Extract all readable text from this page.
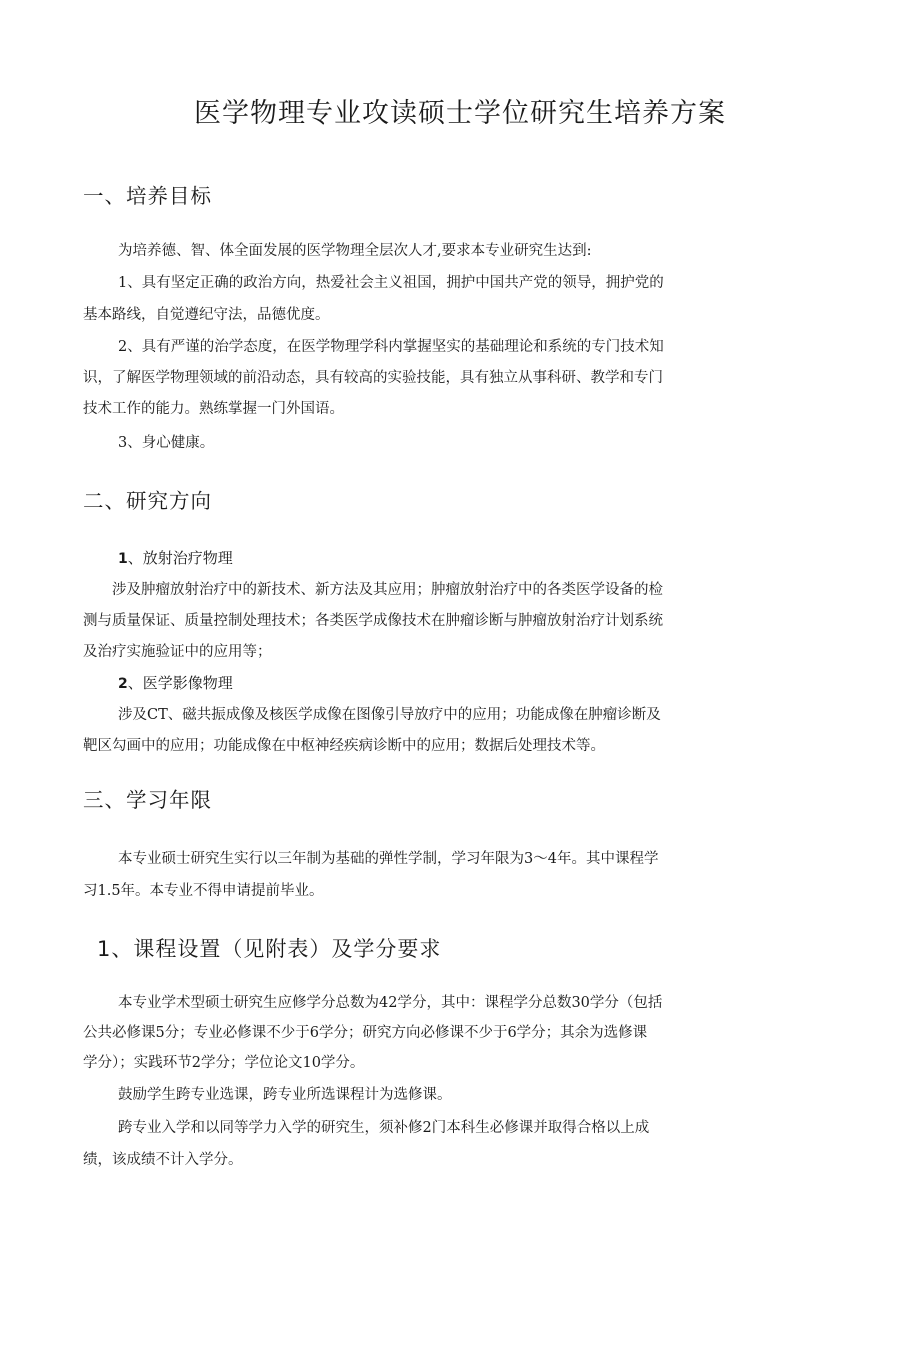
医学物理专业攻读硕士学位研究生培养方案
一、培养目标
为培养德、智、体全面发展的医学物理全层次人才,要求本专业研究生达到:
1、具有坚定正确的政治方向，热爱社会主义祖国，拥护中国共产党的领导，拥护党的
基本路线，自觉遵纪守法，品德优度。
2、具有严谨的治学态度，在医学物理学科内掌握坚实的基础理论和系统的专门技术知
识，了解医学物理领域的前沿动态，具有较高的实验技能，具有独立从事科研、教学和专门
技术工作的能力。熟练掌握一门外国语。
3、身心健康。
二、研究方向
1、放射治疗物理
涉及肿瘤放射治疗中的新技术、新方法及其应用；肿瘤放射治疗中的各类医学设备的检
测与质量保证、质量控制处理技术；各类医学成像技术在肿瘤诊断与肿瘤放射治疗计划系统
及治疗实施验证中的应用等；
2、医学影像物理
涉及CT、磁共振成像及核医学成像在图像引导放疗中的应用；功能成像在肿瘤诊断及
靶区勾画中的应用；功能成像在中枢神经疾病诊断中的应用；数据后处理技术等。
三、学习年限
本专业硕士研究生实行以三年制为基础的弹性学制，学习年限为3～4年。其中课程学
习1.5年。本专业不得申请提前毕业。
1、课程设置（见附表）及学分要求
本专业学术型硕士研究生应修学分总数为42学分，其中：课程学分总数30学分（包括
公共必修课5分；专业必修课不少于6学分；研究方向必修课不少于6学分；其余为选修课
学分）；实践环节2学分；学位论文10学分。
鼓励学生跨专业选课，跨专业所选课程计为选修课。
跨专业入学和以同等学力入学的研究生，须补修2门本科生必修课并取得合格以上成
绩，该成绩不计入学分。
